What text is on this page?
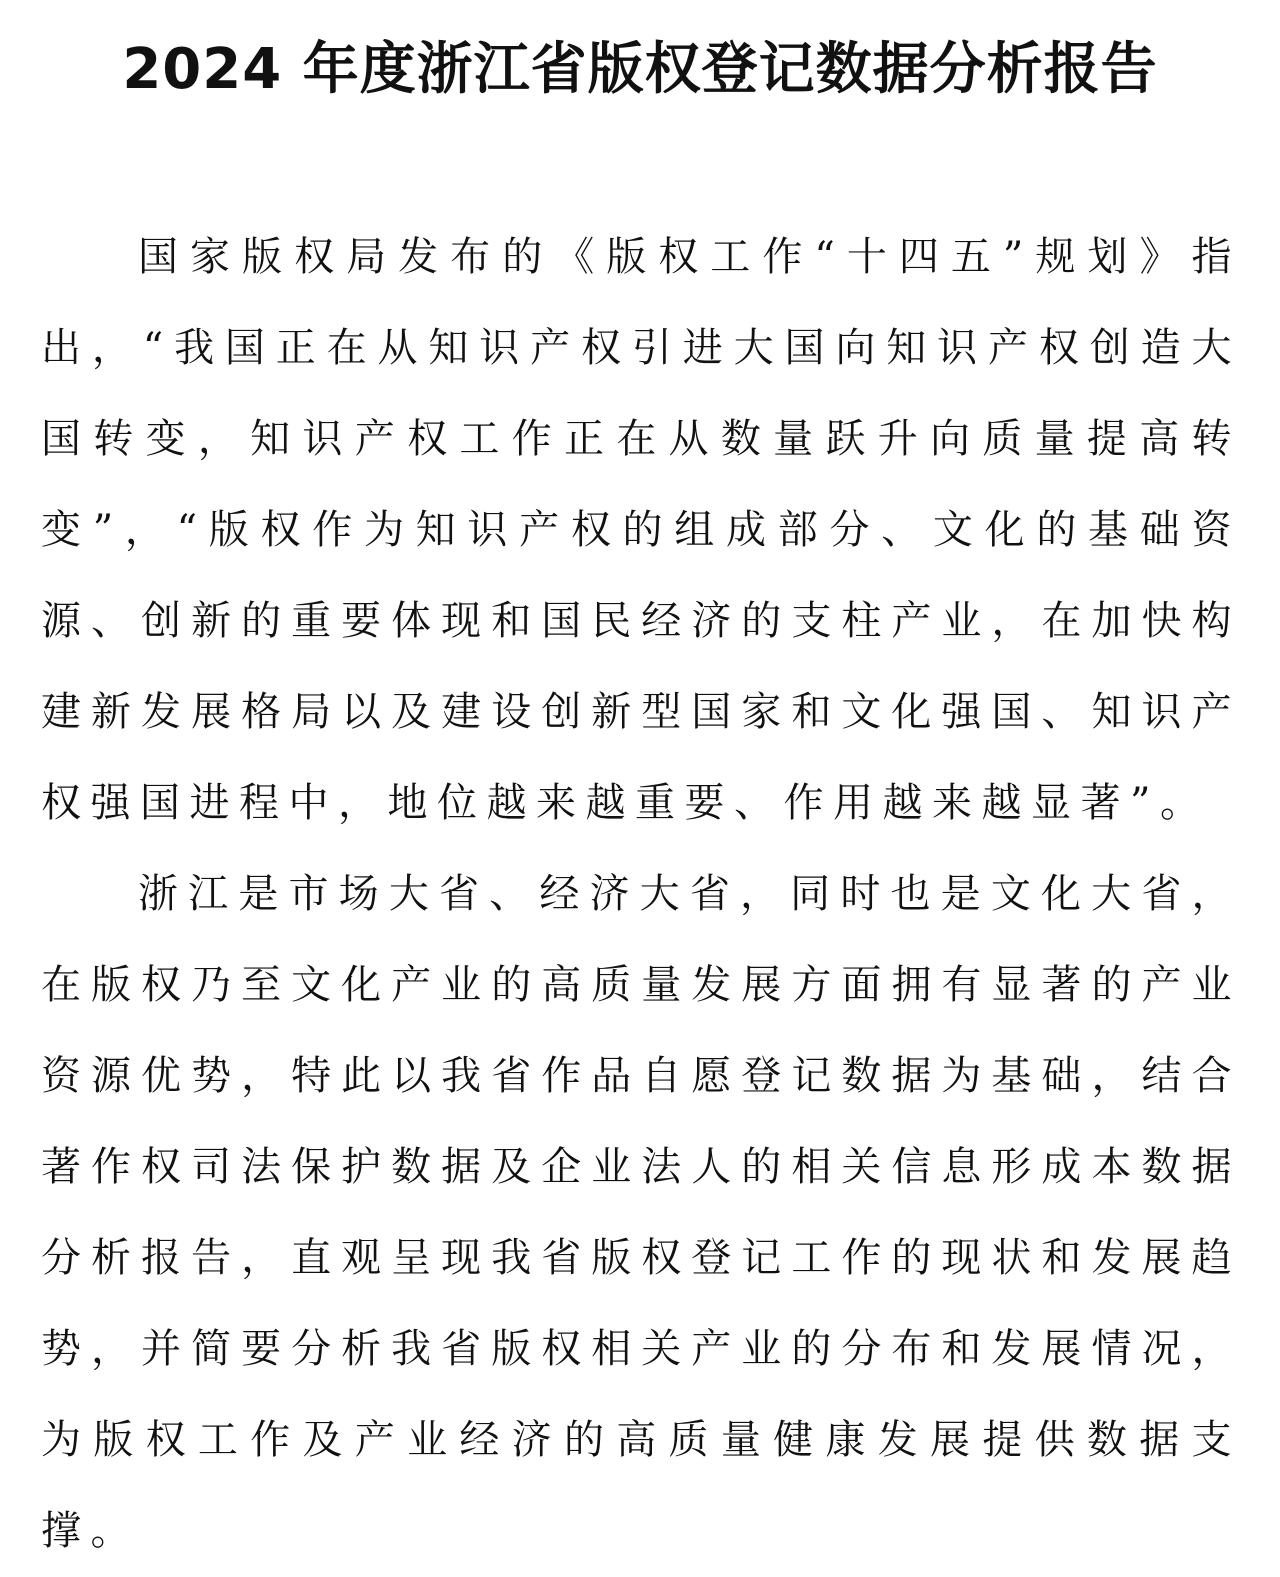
2024 年度浙江省版权登记数据分析报告

国家版权局发布的《版权工作“十四五”规划》指出，“我国正在从知识产权引进大国向知识产权创造大国转变，知识产权工作正在从数量跃升向质量提高转变”，“版权作为知识产权的组成部分、文化的基础资源、创新的重要体现和国民经济的支柱产业，在加快构建新发展格局以及建设创新型国家和文化强国、知识产权强国进程中，地位越来越重要、作用越来越显著”。

浙江是市场大省、经济大省，同时也是文化大省，在版权乃至文化产业的高质量发展方面拥有显著的产业资源优势，特此以我省作品自愿登记数据为基础，结合著作权司法保护数据及企业法人的相关信息形成本数据分析报告，直观呈现我省版权登记工作的现状和发展趋势，并简要分析我省版权相关产业的分布和发展情况，为版权工作及产业经济的高质量健康发展提供数据支撑。
